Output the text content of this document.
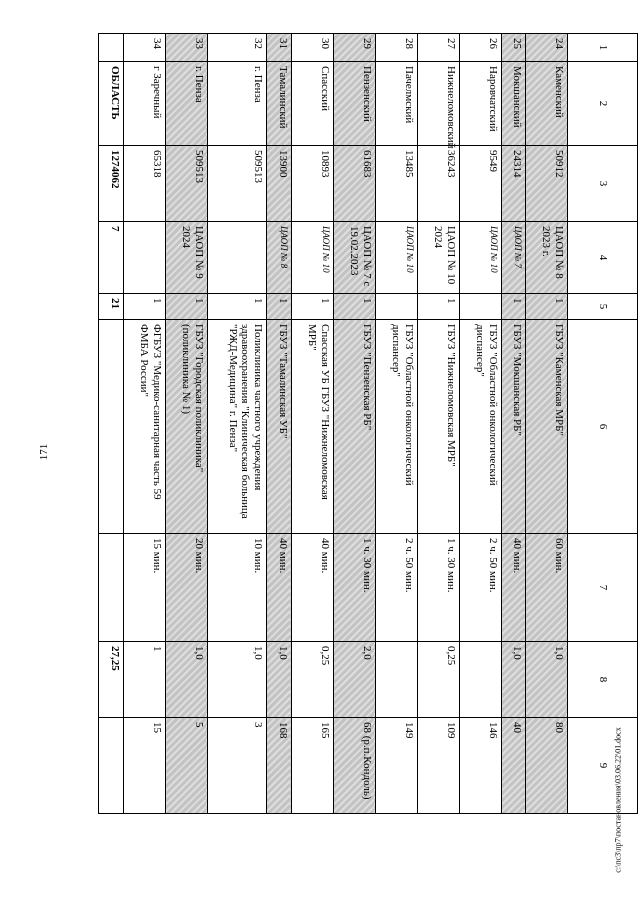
171
1	2	3	4	5	6	7	8	9
24	Каменский	50912	ЦАОП № 8 2023 г.	1	ГБУЗ "Каменская МРБ"	60 мин.	1,0	80
25	Мокшанский	24314	ЦАОП № 7	1	ГБУЗ "Мокшанская РБ"	40 мин.	1,0	40
26	Наровчатский	9549	ЦАОП № 10		ГБУЗ "Областной онкологический диспансер"	2 ч. 50 мин.		146
27	Нижнеломовский	36243	ЦАОП № 10 2024	1	ГБУЗ "Нижнеломовская МРБ"	1 ч. 30 мин.	0,25	109
28	Пачелмский	13485	ЦАОП № 10		ГБУЗ "Областной онкологический диспансер"	2 ч. 50 мин.		149
29	Пензенский	61683	ЦАОП № 7 с 19.02.2023	1	ГБУЗ "Пензенская РБ"	1 ч. 30 мин.	2,0	68 (р.п.Кондоль)
30	Спасский	10893	ЦАОП № 10	1	Спасская УБ ГБУЗ "Нижнеломовская МРБ"	40 мин.	0,25	165
31	Тамалинский	13900	ЦАОП № 8	1	ГБУЗ "Тамалинская УБ"	40 мин.	1,0	168
32	г. Пенза	509513		1	Поликлиника частного учреждения здравоохранения "Клиническая больница "РЖД-Медицина" г. Пенза"	10 мин.	1,0	3
33	г. Пенза	509513	ЦАОП № 9 2024	1	ГБУЗ "Городская поликлиника" (поликлиника № 1)	20 мин.	1,0	5
34	г Заречный	65318		1	ФГБУЗ "Медико-санитарная часть 59 ФМБА России"	15 мин.	1	15
	ОБЛАСТЬ	1274062	7	21			27,25	
c:\пс3\пр7\постановления\03.06.22\01.docx
